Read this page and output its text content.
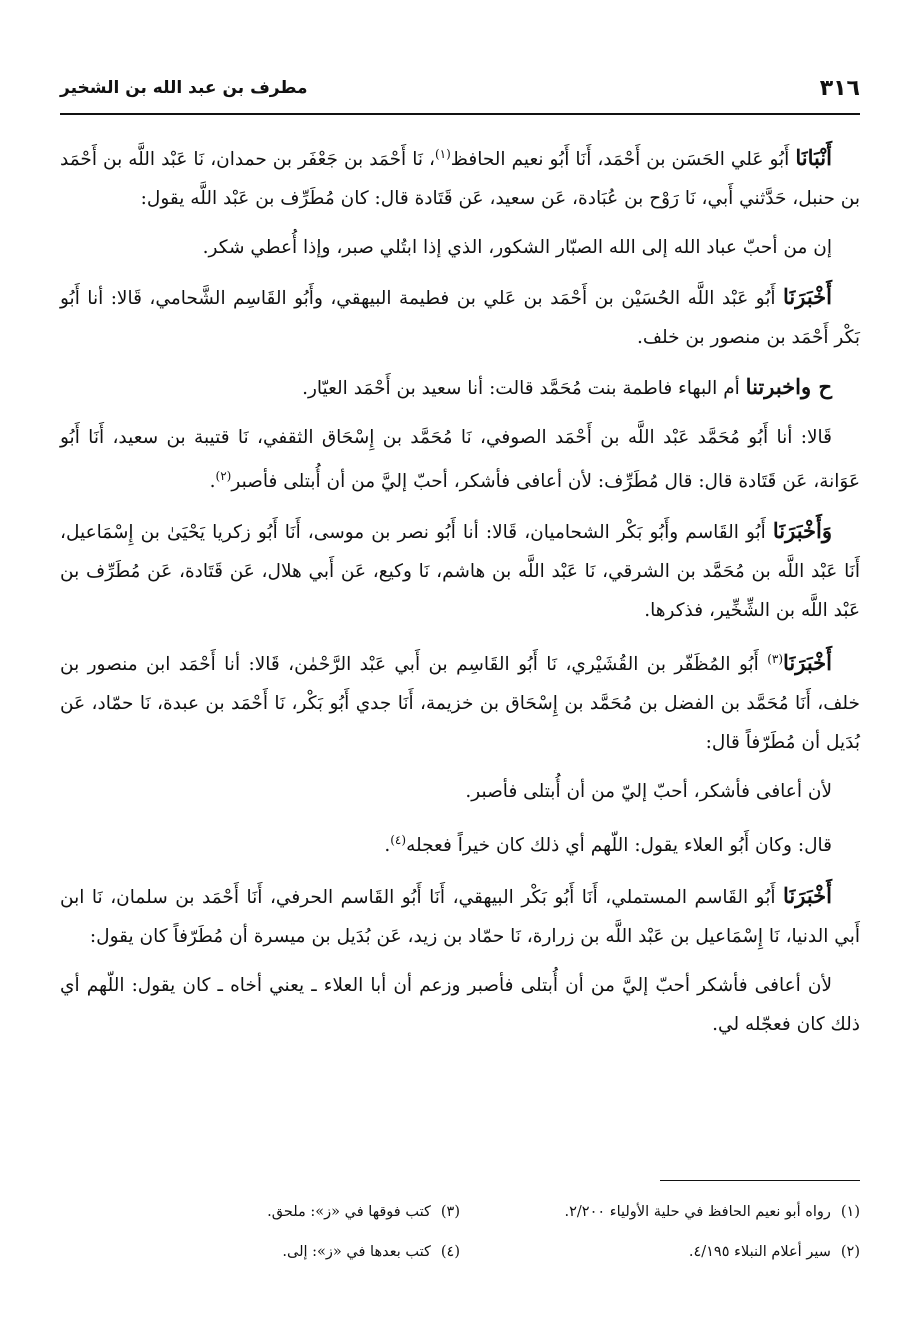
٣١٦
مطرف بن عبد الله بن الشخير

أَنْبَانَا أَبُو عَلي الحَسَن بن أَحْمَد، أَنَا أَبُو نعيم الحافظ$^{(١)}$، نَا أَحْمَد بن جَعْفَر بن حمدان، نَا عَبْد اللَّه بن أَحْمَد بن حنبل، حَدَّثني أَبي، نَا رَوْح بن عُبَادة، عَن سعيد، عَن قَتَادة قال: كان مُطَرِّف بن عَبْد اللَّه يقول:

إن من أحبّ عباد الله إلى الله الصبّار الشكور، الذي إذا ابتُلي صبر، وإذا أُعطي شكر.

أَخْبَرَنَا أَبُو عَبْد اللَّه الحُسَيْن بن أَحْمَد بن عَلي بن فطيمة البيهقي، وأَبُو القَاسِم الشَّحامي، قَالا: أنا أَبُو بَكْر أَحْمَد بن منصور بن خلف.

ح واخبرتنا أم البهاء فاطمة بنت مُحَمَّد قالت: أنا سعيد بن أَحْمَد العيّار.

قَالا: أنا أَبُو مُحَمَّد عَبْد اللَّه بن أَحْمَد الصوفي، نَا مُحَمَّد بن إِسْحَاق الثقفي، نَا قتيبة بن سعيد، أَنَا أَبُو عَوَانة، عَن قَتَادة قال: قال مُطَرِّف: لأن أعافى فأشكر، أحبّ إليَّ من أن أُبتلى فأصبر$^{(٢)}$.

وَأَخْبَرَنَا أَبُو القَاسم وأَبُو بَكْر الشحاميان، قَالا: أنا أَبُو نصر بن موسى، أَنَا أَبُو زكريا يَحْيَىٰ بن إِسْمَاعيل، أَنَا عَبْد اللَّه بن مُحَمَّد بن الشرقي، نَا عَبْد اللَّه بن هاشم، نَا وكيع، عَن أَبي هلال، عَن قَتَادة، عَن مُطَرِّف بن عَبْد اللَّه بن الشِّخِّير، فذكرها.

أَخْبَرَنَا$^{(٣)}$ أَبُو المُظَفّر بن القُشَيْري، نَا أَبُو القَاسِم بن أَبي عَبْد الرَّحْمٰن، قَالا: أنا أَحْمَد ابن منصور بن خلف، أَنَا مُحَمَّد بن الفضل بن مُحَمَّد بن إِسْحَاق بن خزيمة، أَنَا جدي أَبُو بَكْر، نَا أَحْمَد بن عبدة، نَا حمّاد، عَن بُدَيل أن مُطَرّفاً قال:

لأن أعافى فأشكر، أحبّ إليّ من أن أُبتلى فأصبر.

قال: وكان أَبُو العلاء يقول: اللّهم أي ذلك كان خيراً فعجله$^{(٤)}$.

أَخْبَرَنَا أَبُو القَاسم المستملي، أَنَا أَبُو بَكْر البيهقي، أَنَا أَبُو القَاسم الحرفي، أَنَا أَحْمَد بن سلمان، نَا ابن أَبي الدنيا، نَا إِسْمَاعيل بن عَبْد اللَّه بن زرارة، نَا حمّاد بن زيد، عَن بُدَيل بن ميسرة أن مُطَرّفاً كان يقول:

لأن أعافى فأشكر أحبّ إليَّ من أن أُبتلى فأصبر وزعم أن أبا العلاء ـ يعني أخاه ـ كان يقول: اللّهم أي ذلك كان فعجّله لي.

(١)رواه أبو نعيم الحافظ في حلية الأولياء ٢/٢٠٠.
(٣)كتب فوقها في «ز»: ملحق.
(٢)سير أعلام النبلاء ٤/١٩٥.
(٤)كتب بعدها في «ز»: إلى.
